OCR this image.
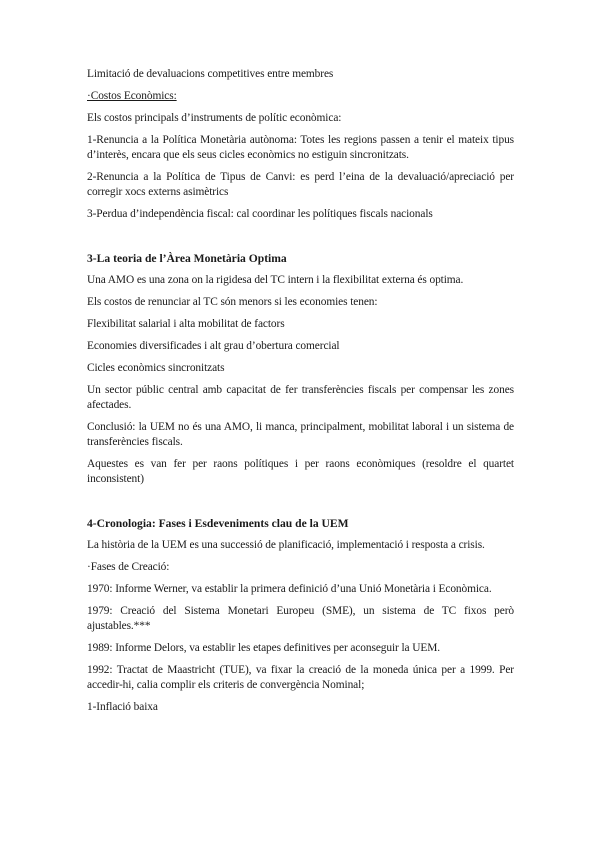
Limitació de devaluacions competitives entre membres

·Costos Econòmics:

Els costos principals d’instruments de polític econòmica:

1-Renuncia a la Política Monetària autònoma: Totes les regions passen a tenir el mateix tipus d’interès, encara que els seus cicles econòmics no estiguin sincronitzats.

2-Renuncia a la Política de Tipus de Canvi: es perd l’eina de la devaluació/apreciació per corregir xocs externs asimètrics

3-Perdua d’independència fiscal: cal coordinar les polítiques fiscals nacionals

3-La teoria de l’Àrea Monetària Optima

Una AMO es una zona on la rigidesa del TC intern i la flexibilitat externa és optima.

Els costos de renunciar al TC són menors si les economies tenen:

Flexibilitat salarial i alta mobilitat de factors

Economies diversificades i alt grau d’obertura comercial

Cicles econòmics sincronitzats

Un sector públic central amb capacitat de fer transferències fiscals per compensar les zones afectades.

Conclusió: la UEM no és una AMO, li manca, principalment, mobilitat laboral i un sistema de transferències fiscals.

Aquestes es van fer per raons polítiques i per raons econòmiques (resoldre el quartet inconsistent)

4-Cronologia: Fases i Esdeveniments clau de la UEM

La història de la UEM es una successió de planificació, implementació i resposta a crisis.

·Fases de Creació:

1970: Informe Werner, va establir la primera definició d’una Unió Monetària i Econòmica.

1979: Creació del Sistema Monetari Europeu (SME), un sistema de TC fixos però ajustables.***

1989: Informe Delors, va establir les etapes definitives per aconseguir la UEM.

1992: Tractat de Maastricht (TUE), va fixar la creació de la moneda única per a 1999. Per accedir-hi, calia complir els criteris de convergència Nominal;

1-Inflació baixa
